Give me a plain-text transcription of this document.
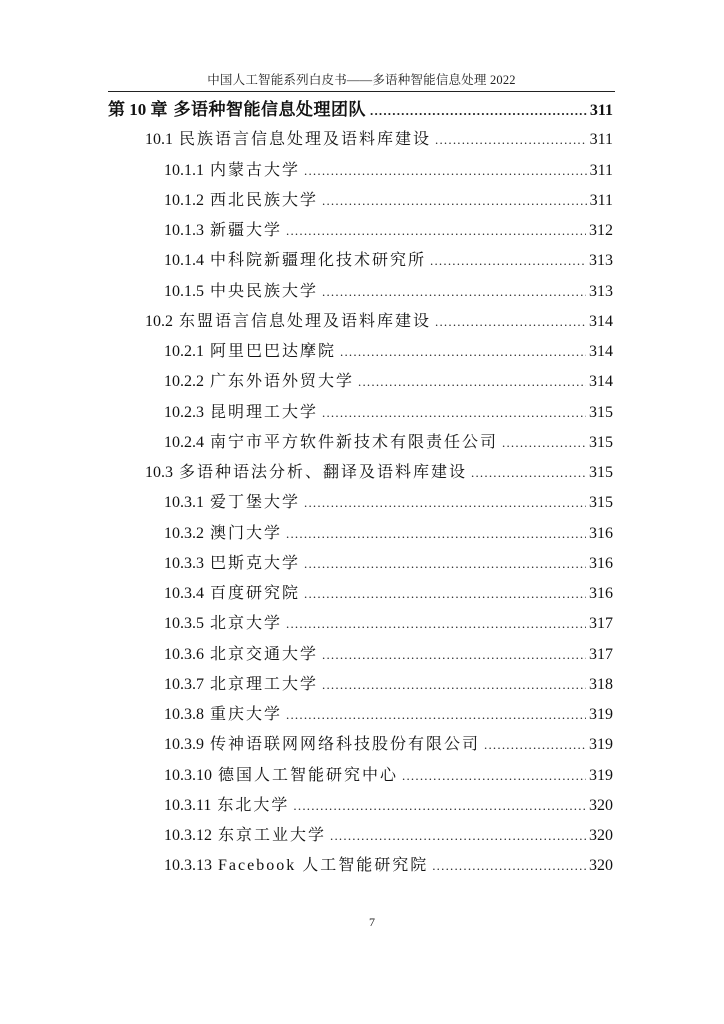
中国人工智能系列白皮书——多语种智能信息处理 2022
第 10 章 多语种智能信息处理团队 .....	311
10.1 民族语言信息处理及语料库建设 .....	311
10.1.1 内蒙古大学 .....	311
10.1.2 西北民族大学 .....	311
10.1.3 新疆大学 .....	312
10.1.4 中科院新疆理化技术研究所 .....	313
10.1.5 中央民族大学 .....	313
10.2 东盟语言信息处理及语料库建设 .....	314
10.2.1 阿里巴巴达摩院 .....	314
10.2.2 广东外语外贸大学 .....	314
10.2.3 昆明理工大学 .....	315
10.2.4 南宁市平方软件新技术有限责任公司 .....	315
10.3 多语种语法分析、翻译及语料库建设 .....	315
10.3.1 爱丁堡大学 .....	315
10.3.2 澳门大学 .....	316
10.3.3 巴斯克大学 .....	316
10.3.4 百度研究院 .....	316
10.3.5 北京大学 .....	317
10.3.6 北京交通大学 .....	317
10.3.7 北京理工大学 .....	318
10.3.8 重庆大学 .....	319
10.3.9 传神语联网网络科技股份有限公司 .....	319
10.3.10 德国人工智能研究中心 .....	319
10.3.11 东北大学 .....	320
10.3.12 东京工业大学 .....	320
10.3.13 Facebook 人工智能研究院 .....	320
7
